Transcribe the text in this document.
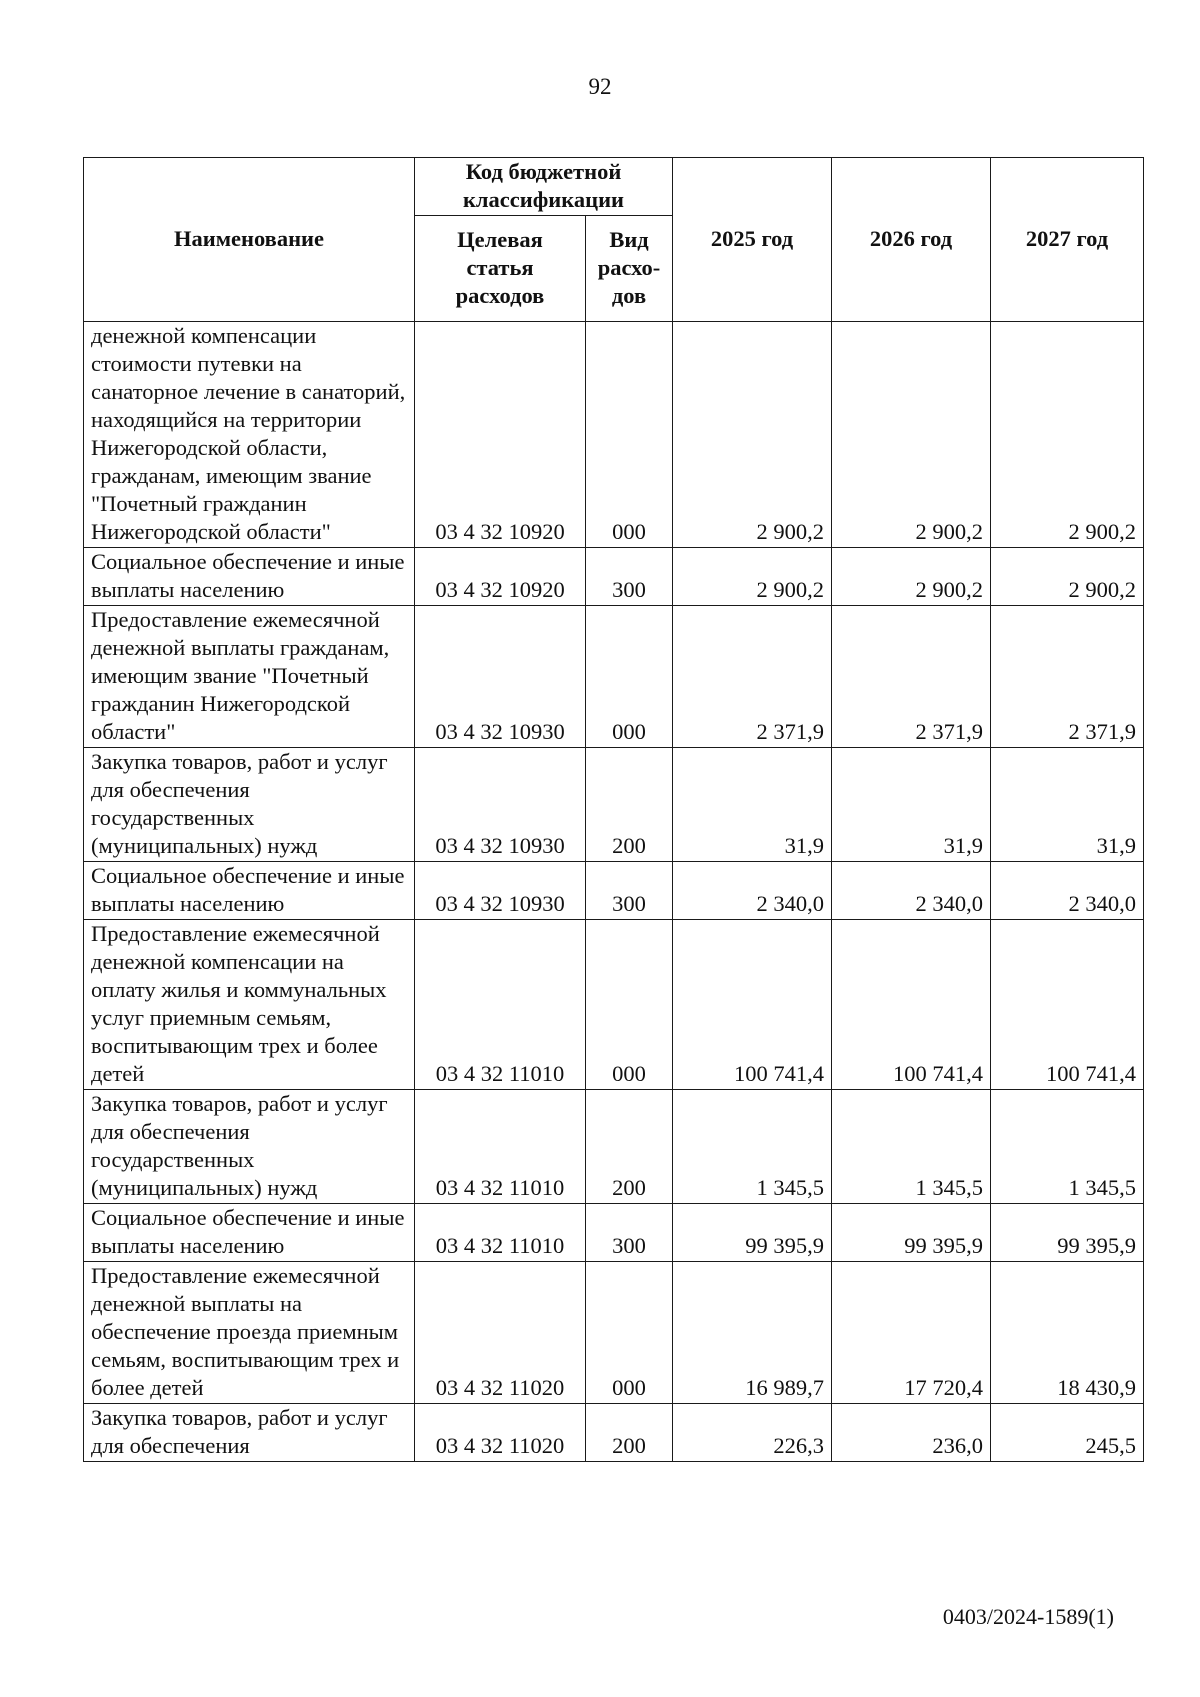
92
Наименование	Код бюджетной классификации		2025 год	2026 год	2027 год
	Целевая статья расходов	Вид расхо- дов			
денежной компенсации стоимости путевки на санаторное лечение в санаторий, находящийся на территории Нижегородской области, гражданам, имеющим звание "Почетный гражданин Нижегородской области"	03 4 32 10920	000	2 900,2	2 900,2	2 900,2
Социальное обеспечение и иные выплаты населению	03 4 32 10920	300	2 900,2	2 900,2	2 900,2
Предоставление ежемесячной денежной выплаты гражданам, имеющим звание "Почетный гражданин Нижегородской области"	03 4 32 10930	000	2 371,9	2 371,9	2 371,9
Закупка товаров, работ и услуг для обеспечения государственных (муниципальных) нужд	03 4 32 10930	200	31,9	31,9	31,9
Социальное обеспечение и иные выплаты населению	03 4 32 10930	300	2 340,0	2 340,0	2 340,0
Предоставление ежемесячной денежной компенсации на оплату жилья и коммунальных услуг приемным семьям, воспитывающим трех и более детей	03 4 32 11010	000	100 741,4	100 741,4	100 741,4
Закупка товаров, работ и услуг для обеспечения государственных (муниципальных) нужд	03 4 32 11010	200	1 345,5	1 345,5	1 345,5
Социальное обеспечение и иные выплаты населению	03 4 32 11010	300	99 395,9	99 395,9	99 395,9
Предоставление ежемесячной денежной выплаты на обеспечение проезда приемным семьям, воспитывающим трех и более детей	03 4 32 11020	000	16 989,7	17 720,4	18 430,9
Закупка товаров, работ и услуг для обеспечения	03 4 32 11020	200	226,3	236,0	245,5
0403/2024-1589(1)
